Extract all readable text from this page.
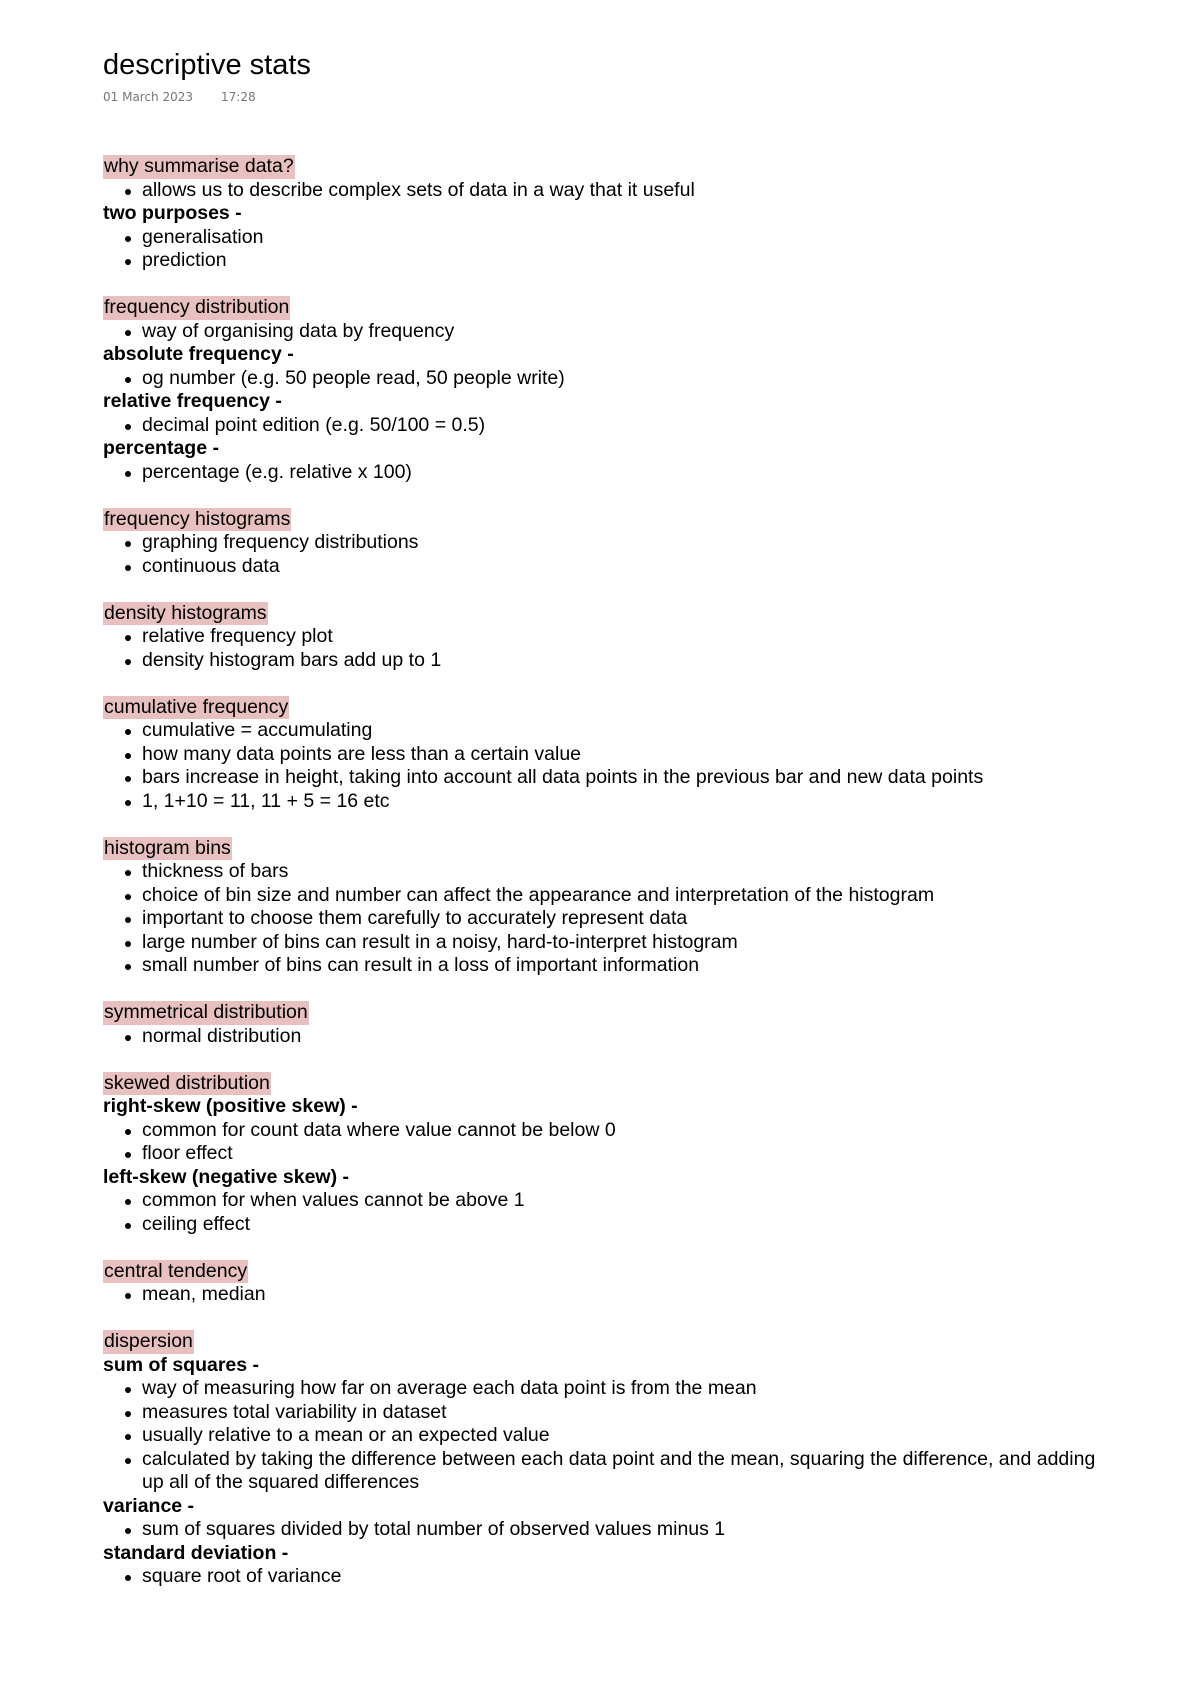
descriptive stats
01 March 2023 17:28
why summarise data?
allows us to describe complex sets of data in a way that it useful
two purposes -
generalisation
prediction
frequency distribution
way of organising data by frequency
absolute frequency -
og number (e.g. 50 people read, 50 people write)
relative frequency -
decimal point edition (e.g. 50/100 = 0.5)
percentage -
percentage (e.g. relative x 100)
frequency histograms
graphing frequency distributions
continuous data
density histograms
relative frequency plot
density histogram bars add up to 1
cumulative frequency
cumulative = accumulating
how many data points are less than a certain value
bars increase in height, taking into account all data points in the previous bar and new data points
1, 1+10 = 11, 11 + 5 = 16 etc
histogram bins
thickness of bars
choice of bin size and number can affect the appearance and interpretation of the histogram
important to choose them carefully to accurately represent data
large number of bins can result in a noisy, hard-to-interpret histogram
small number of bins can result in a loss of important information
symmetrical distribution
normal distribution
skewed distribution
right-skew (positive skew) -
common for count data where value cannot be below 0
floor effect
left-skew (negative skew) -
common for when values cannot be above 1
ceiling effect
central tendency
mean, median
dispersion
sum of squares -
way of measuring how far on average each data point is from the mean
measures total variability in dataset
usually relative to a mean or an expected value
calculated by taking the difference between each data point and the mean, squaring the difference, and adding up all of the squared differences
variance -
sum of squares divided by total number of observed values minus 1
standard deviation -
square root of variance
